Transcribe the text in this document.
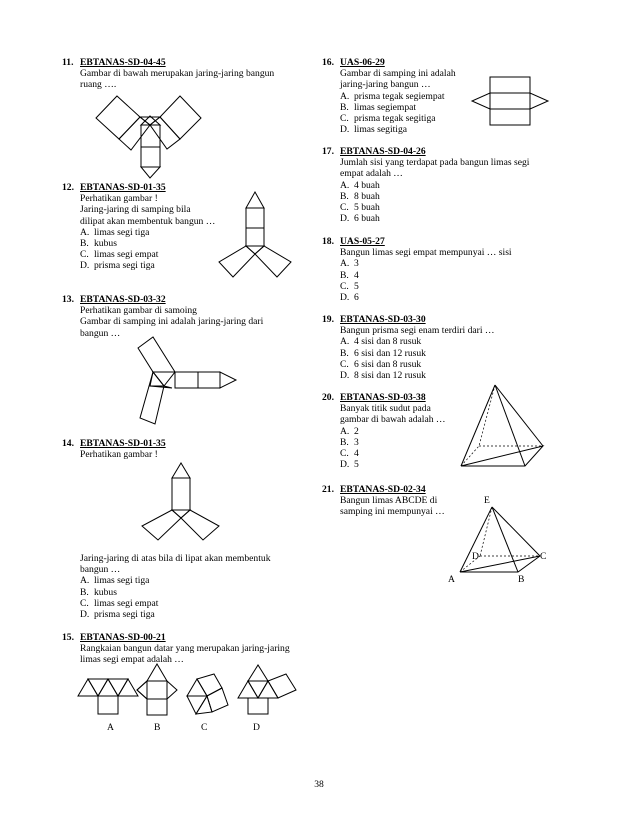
11. EBTANAS-SD-04-45
Gambar di bawah merupakan jaring-jaring bangun
ruang ….
12. EBTANAS-SD-01-35
Perhatikan gambar !
Jaring-jaring di samping bila
dilipat akan membentuk bangun …
A. limas segi tiga
B. kubus
C. limas segi empat
D. prisma segi tiga
13. EBTANAS-SD-03-32
Perhatikan gambar di samoing
Gambar di samping ini adalah jaring-jaring dari
bangun …
14. EBTANAS-SD-01-35
Perhatikan gambar !
Jaring-jaring di atas bila di lipat akan membentuk
bangun …
A. limas segi tiga
B. kubus
C. limas segi empat
D. prisma segi tiga
15. EBTANAS-SD-00-21
Rangkaian bangun datar yang merupakan jaring-jaring
limas segi empat adalah …
A	B	C	D
16. UAS-06-29
Gambar di samping ini adalah
jaring-jaring bangun …
A. prisma tegak segiempat
B. limas segiempat
C. prisma tegak segitiga
D. limas segitiga
17. EBTANAS-SD-04-26
Jumlah sisi yang terdapat pada bangun limas segi
empat adalah …
A. 4 buah
B. 8 buah
C. 5 buah
D. 6 buah
18. UAS-05-27
Bangun limas segi empat mempunyai … sisi
A. 3
B. 4
C. 5
D. 6
19. EBTANAS-SD-03-30
Bangun prisma segi enam terdiri dari …
A. 4 sisi dan 8 rusuk
B. 6 sisi dan 12 rusuk
C. 6 sisi dan 8 rusuk
D. 8 sisi dan 12 rusuk
20. EBTANAS-SD-03-38
Banyak titik sudut pada
gambar di bawah adalah …
A. 2
B. 3
C. 4
D. 5
21. EBTANAS-SD-02-34
Bangun limas ABCDE di
samping ini mempunyai …
E
D	C
A	B
38
